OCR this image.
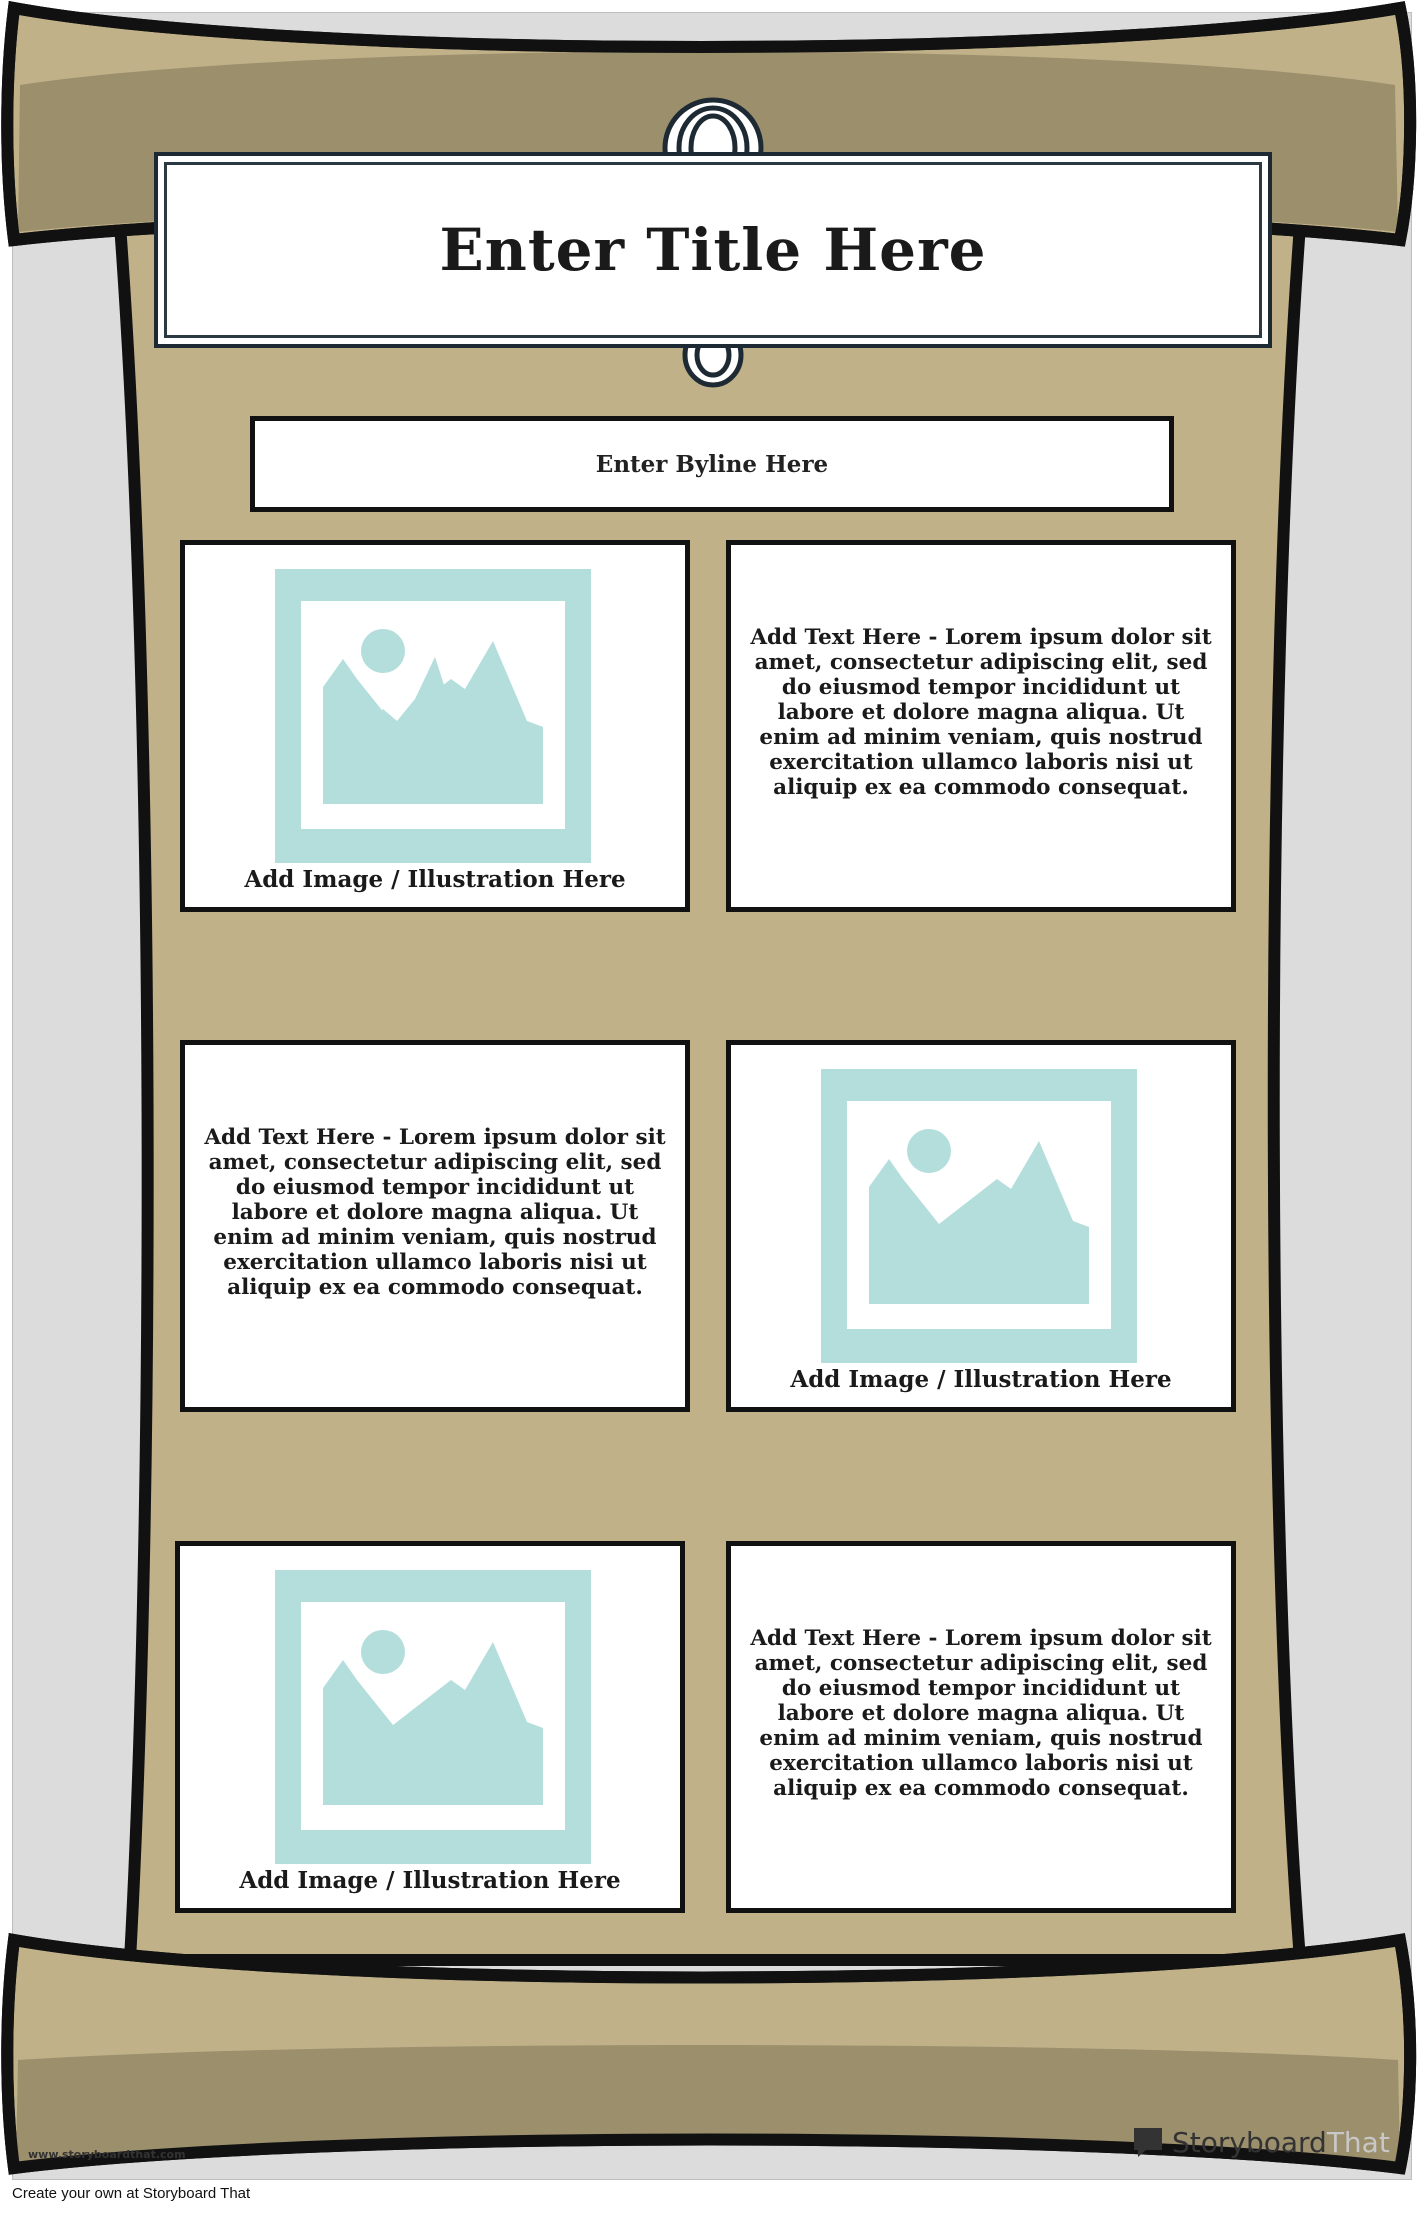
Enter Title Here
Enter Byline Here
Add Image / Illustration Here
Add Text Here - Lorem ipsum dolor sit amet, consectetur adipiscing elit, sed do eiusmod tempor incididunt ut labore et dolore magna aliqua. Ut enim ad minim veniam, quis nostrud exercitation ullamco laboris nisi ut aliquip ex ea commodo consequat.
Add Text Here - Lorem ipsum dolor sit amet, consectetur adipiscing elit, sed do eiusmod tempor incididunt ut labore et dolore magna aliqua. Ut enim ad minim veniam, quis nostrud exercitation ullamco laboris nisi ut aliquip ex ea commodo consequat.
Add Image / Illustration Here
Add Image / Illustration Here
Add Text Here - Lorem ipsum dolor sit amet, consectetur adipiscing elit, sed do eiusmod tempor incididunt ut labore et dolore magna aliqua. Ut enim ad minim veniam, quis nostrud exercitation ullamco laboris nisi ut aliquip ex ea commodo consequat.
www.storyboardthat.com	StoryboardThat
Create your own at Storyboard That
